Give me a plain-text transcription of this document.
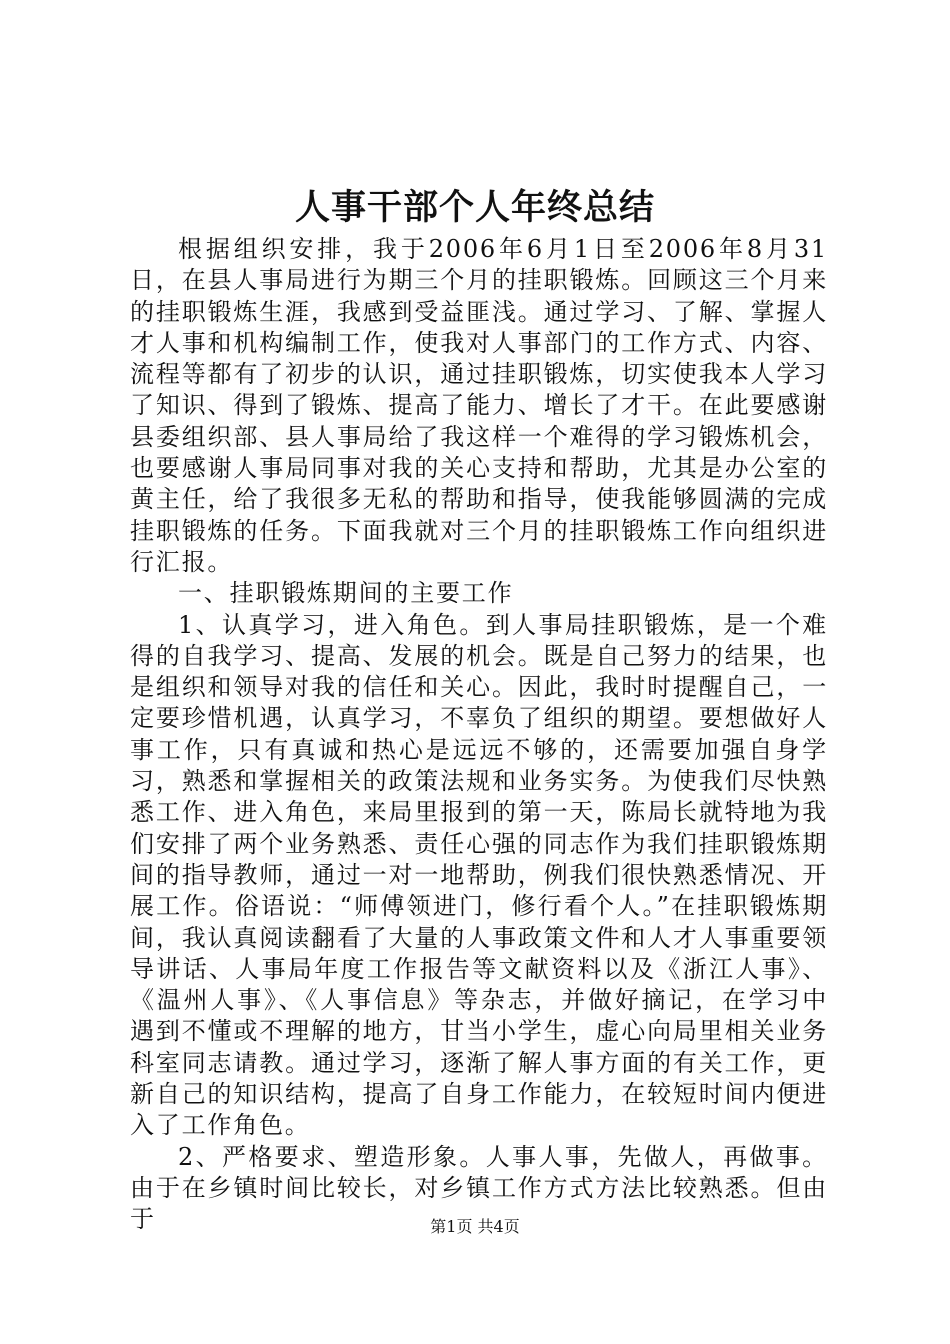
人事干部个人年终总结

根据组织安排，我于2006年6月1日至2006年8月31日，在县人事局进行为期三个月的挂职锻炼。回顾这三个月来的挂职锻炼生涯，我感到受益匪浅。通过学习、了解、掌握人才人事和机构编制工作，使我对人事部门的工作方式、内容、流程等都有了初步的认识，通过挂职锻炼，切实使我本人学习了知识、得到了锻炼、提高了能力、增长了才干。在此要感谢县委组织部、县人事局给了我这样一个难得的学习锻炼机会，也要感谢人事局同事对我的关心支持和帮助，尤其是办公室的黄主任，给了我很多无私的帮助和指导，使我能够圆满的完成挂职锻炼的任务。下面我就对三个月的挂职锻炼工作向组织进行汇报。

一、挂职锻炼期间的主要工作

1、认真学习，进入角色。到人事局挂职锻炼，是一个难得的自我学习、提高、发展的机会。既是自己努力的结果，也是组织和领导对我的信任和关心。因此，我时时提醒自己，一定要珍惜机遇，认真学习，不辜负了组织的期望。要想做好人事工作，只有真诚和热心是远远不够的，还需要加强自身学习，熟悉和掌握相关的政策法规和业务实务。为使我们尽快熟悉工作、进入角色，来局里报到的第一天，陈局长就特地为我们安排了两个业务熟悉、责任心强的同志作为我们挂职锻炼期间的指导教师，通过一对一地帮助，例我们很快熟悉情况、开展工作。俗语说：“师傅领进门，修行看个人。”在挂职锻炼期间，我认真阅读翻看了大量的人事政策文件和人才人事重要领导讲话、人事局年度工作报告等文献资料以及《浙江人事》、《温州人事》、《人事信息》等杂志，并做好摘记，在学习中遇到不懂或不理解的地方，甘当小学生，虚心向局里相关业务科室同志请教。通过学习，逐渐了解人事方面的有关工作，更新自己的知识结构，提高了自身工作能力，在较短时间内便进入了工作角色。

2、严格要求、塑造形象。人事人事，先做人，再做事。由于在乡镇时间比较长，对乡镇工作方式方法比较熟悉。但由于	第1页 共4页
